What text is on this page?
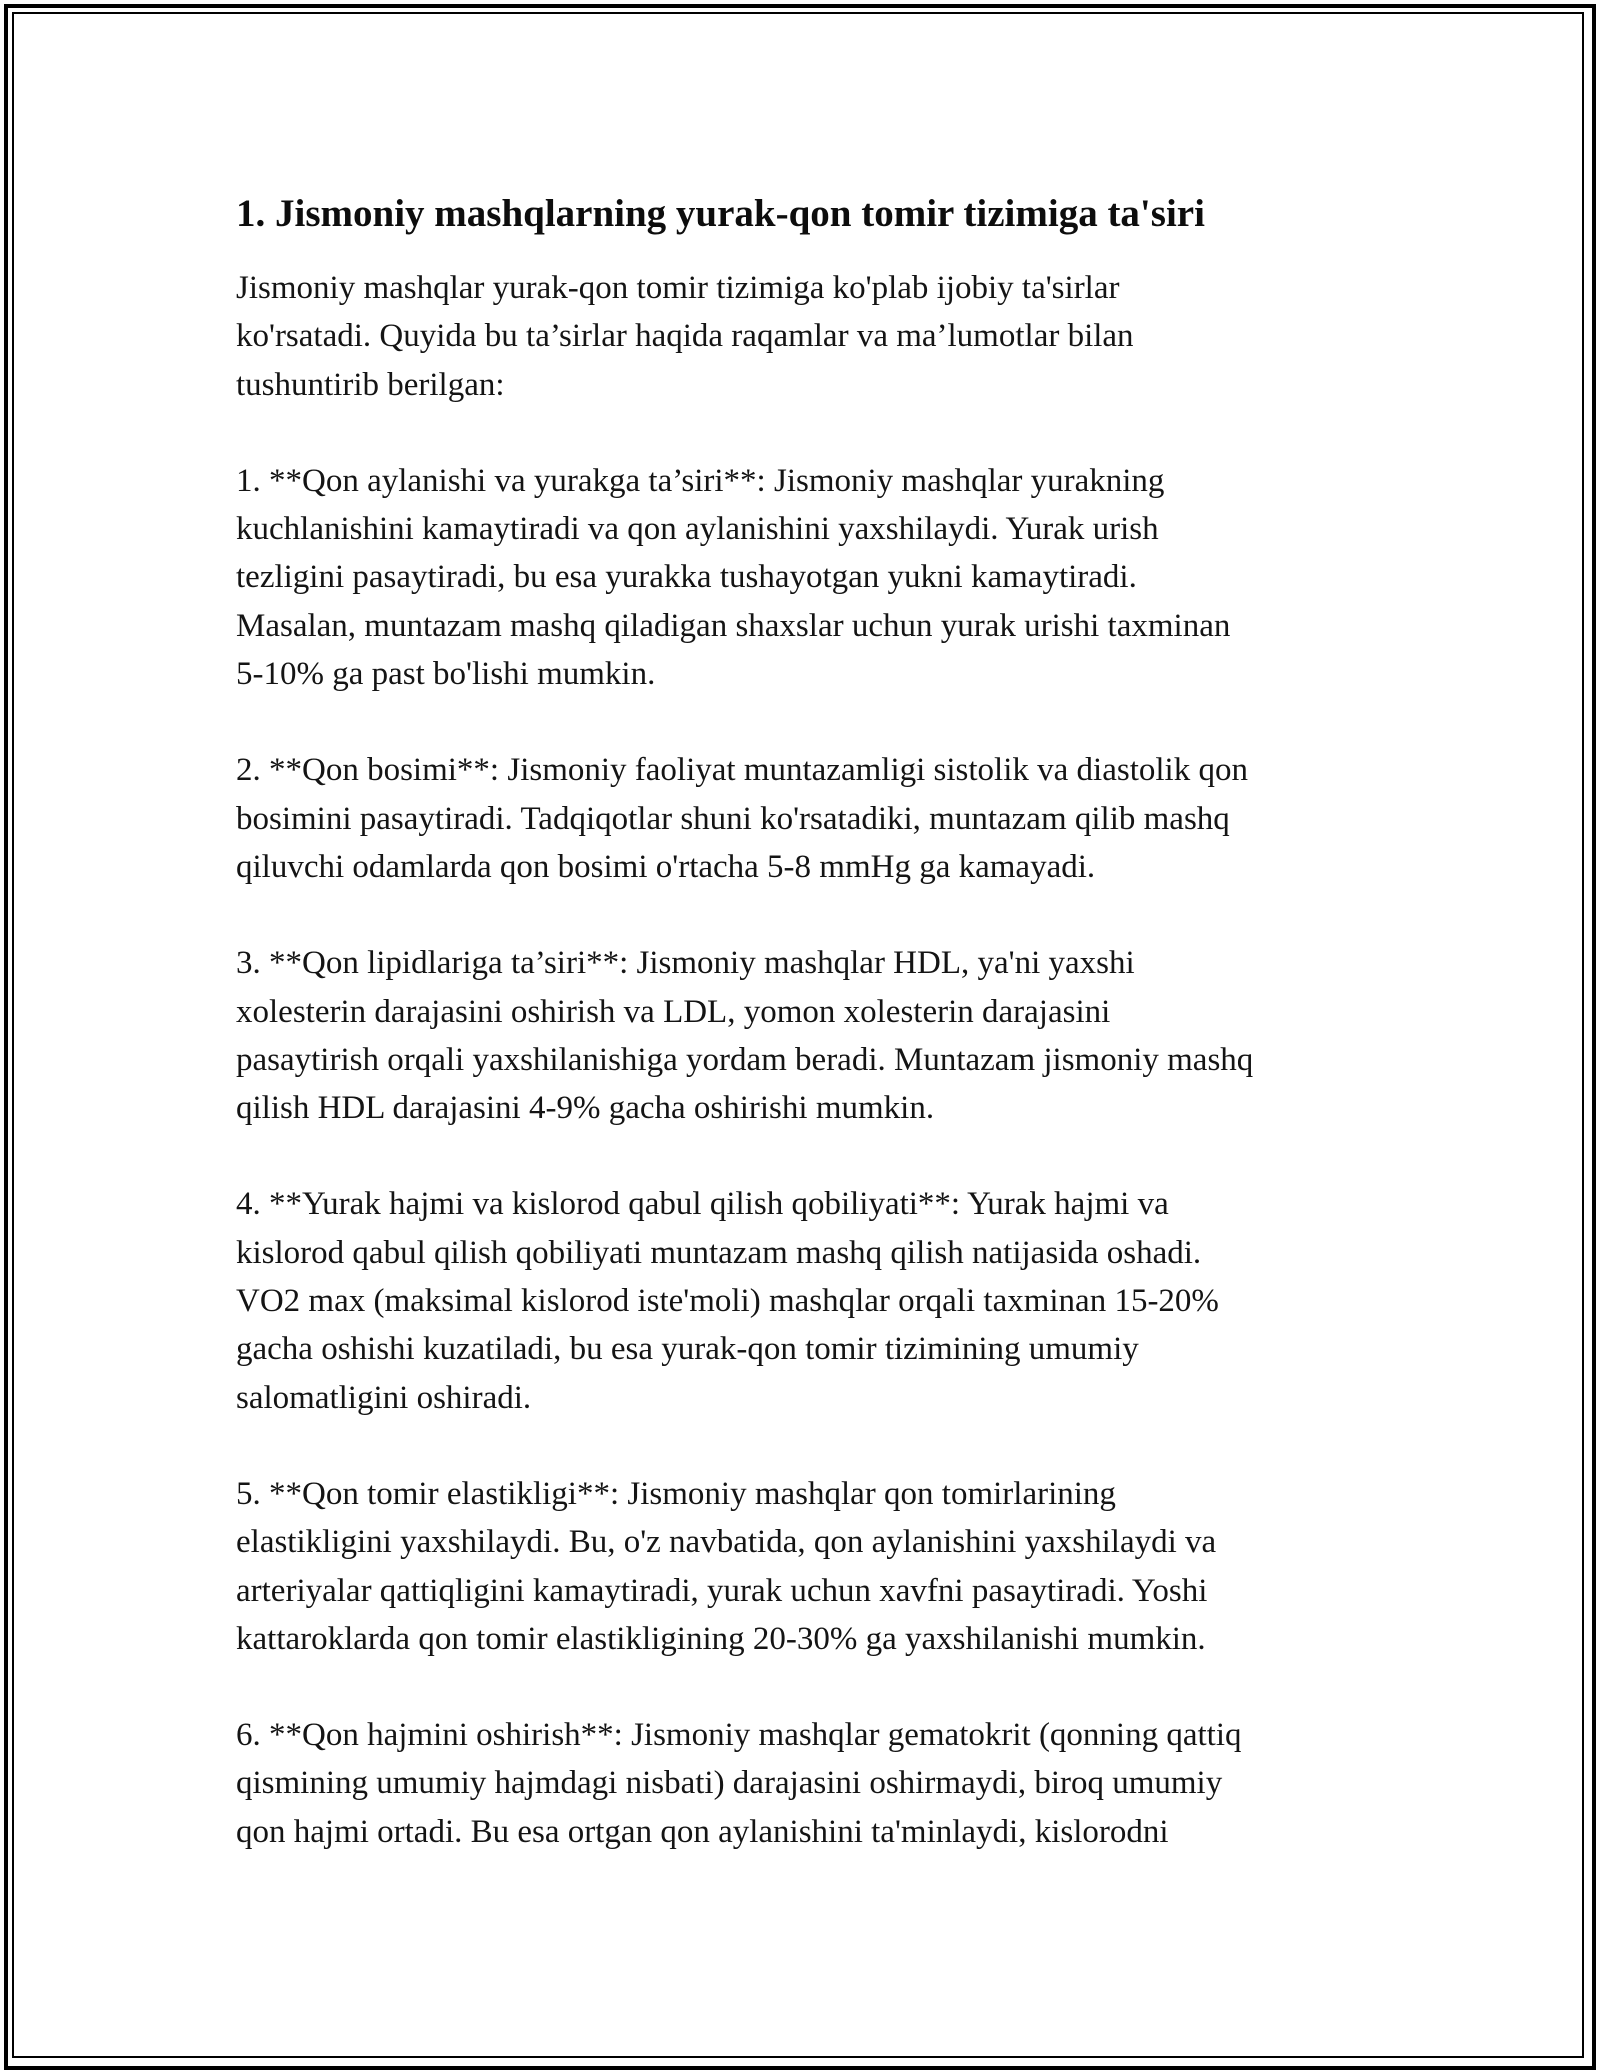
1. Jismoniy mashqlarning yurak-qon tomir tizimiga ta'siri
Jismoniy mashqlar yurak-qon tomir tizimiga ko'plab ijobiy ta'sirlar
ko'rsatadi. Quyida bu ta’sirlar haqida raqamlar va ma’lumotlar bilan
tushuntirib berilgan:
1. **Qon aylanishi va yurakga ta’siri**: Jismoniy mashqlar yurakning
kuchlanishini kamaytiradi va qon aylanishini yaxshilaydi. Yurak urish
tezligini pasaytiradi, bu esa yurakka tushayotgan yukni kamaytiradi.
Masalan, muntazam mashq qiladigan shaxslar uchun yurak urishi taxminan
5-10% ga past bo'lishi mumkin.
2. **Qon bosimi**: Jismoniy faoliyat muntazamligi sistolik va diastolik qon
bosimini pasaytiradi. Tadqiqotlar shuni ko'rsatadiki, muntazam qilib mashq
qiluvchi odamlarda qon bosimi o'rtacha 5-8 mmHg ga kamayadi.
3. **Qon lipidlariga ta’siri**: Jismoniy mashqlar HDL, ya'ni yaxshi
xolesterin darajasini oshirish va LDL, yomon xolesterin darajasini
pasaytirish orqali yaxshilanishiga yordam beradi. Muntazam jismoniy mashq
qilish HDL darajasini 4-9% gacha oshirishi mumkin.
4. **Yurak hajmi va kislorod qabul qilish qobiliyati**: Yurak hajmi va
kislorod qabul qilish qobiliyati muntazam mashq qilish natijasida oshadi.
VO2 max (maksimal kislorod iste'moli) mashqlar orqali taxminan 15-20%
gacha oshishi kuzatiladi, bu esa yurak-qon tomir tizimining umumiy
salomatligini oshiradi.
5. **Qon tomir elastikligi**: Jismoniy mashqlar qon tomirlarining
elastikligini yaxshilaydi. Bu, o'z navbatida, qon aylanishini yaxshilaydi va
arteriyalar qattiqligini kamaytiradi, yurak uchun xavfni pasaytiradi. Yoshi
kattaroklarda qon tomir elastikligining 20-30% ga yaxshilanishi mumkin.
6. **Qon hajmini oshirish**: Jismoniy mashqlar gematokrit (qonning qattiq
qismining umumiy hajmdagi nisbati) darajasini oshirmaydi, biroq umumiy
qon hajmi ortadi. Bu esa ortgan qon aylanishini ta'minlaydi, kislorodni
